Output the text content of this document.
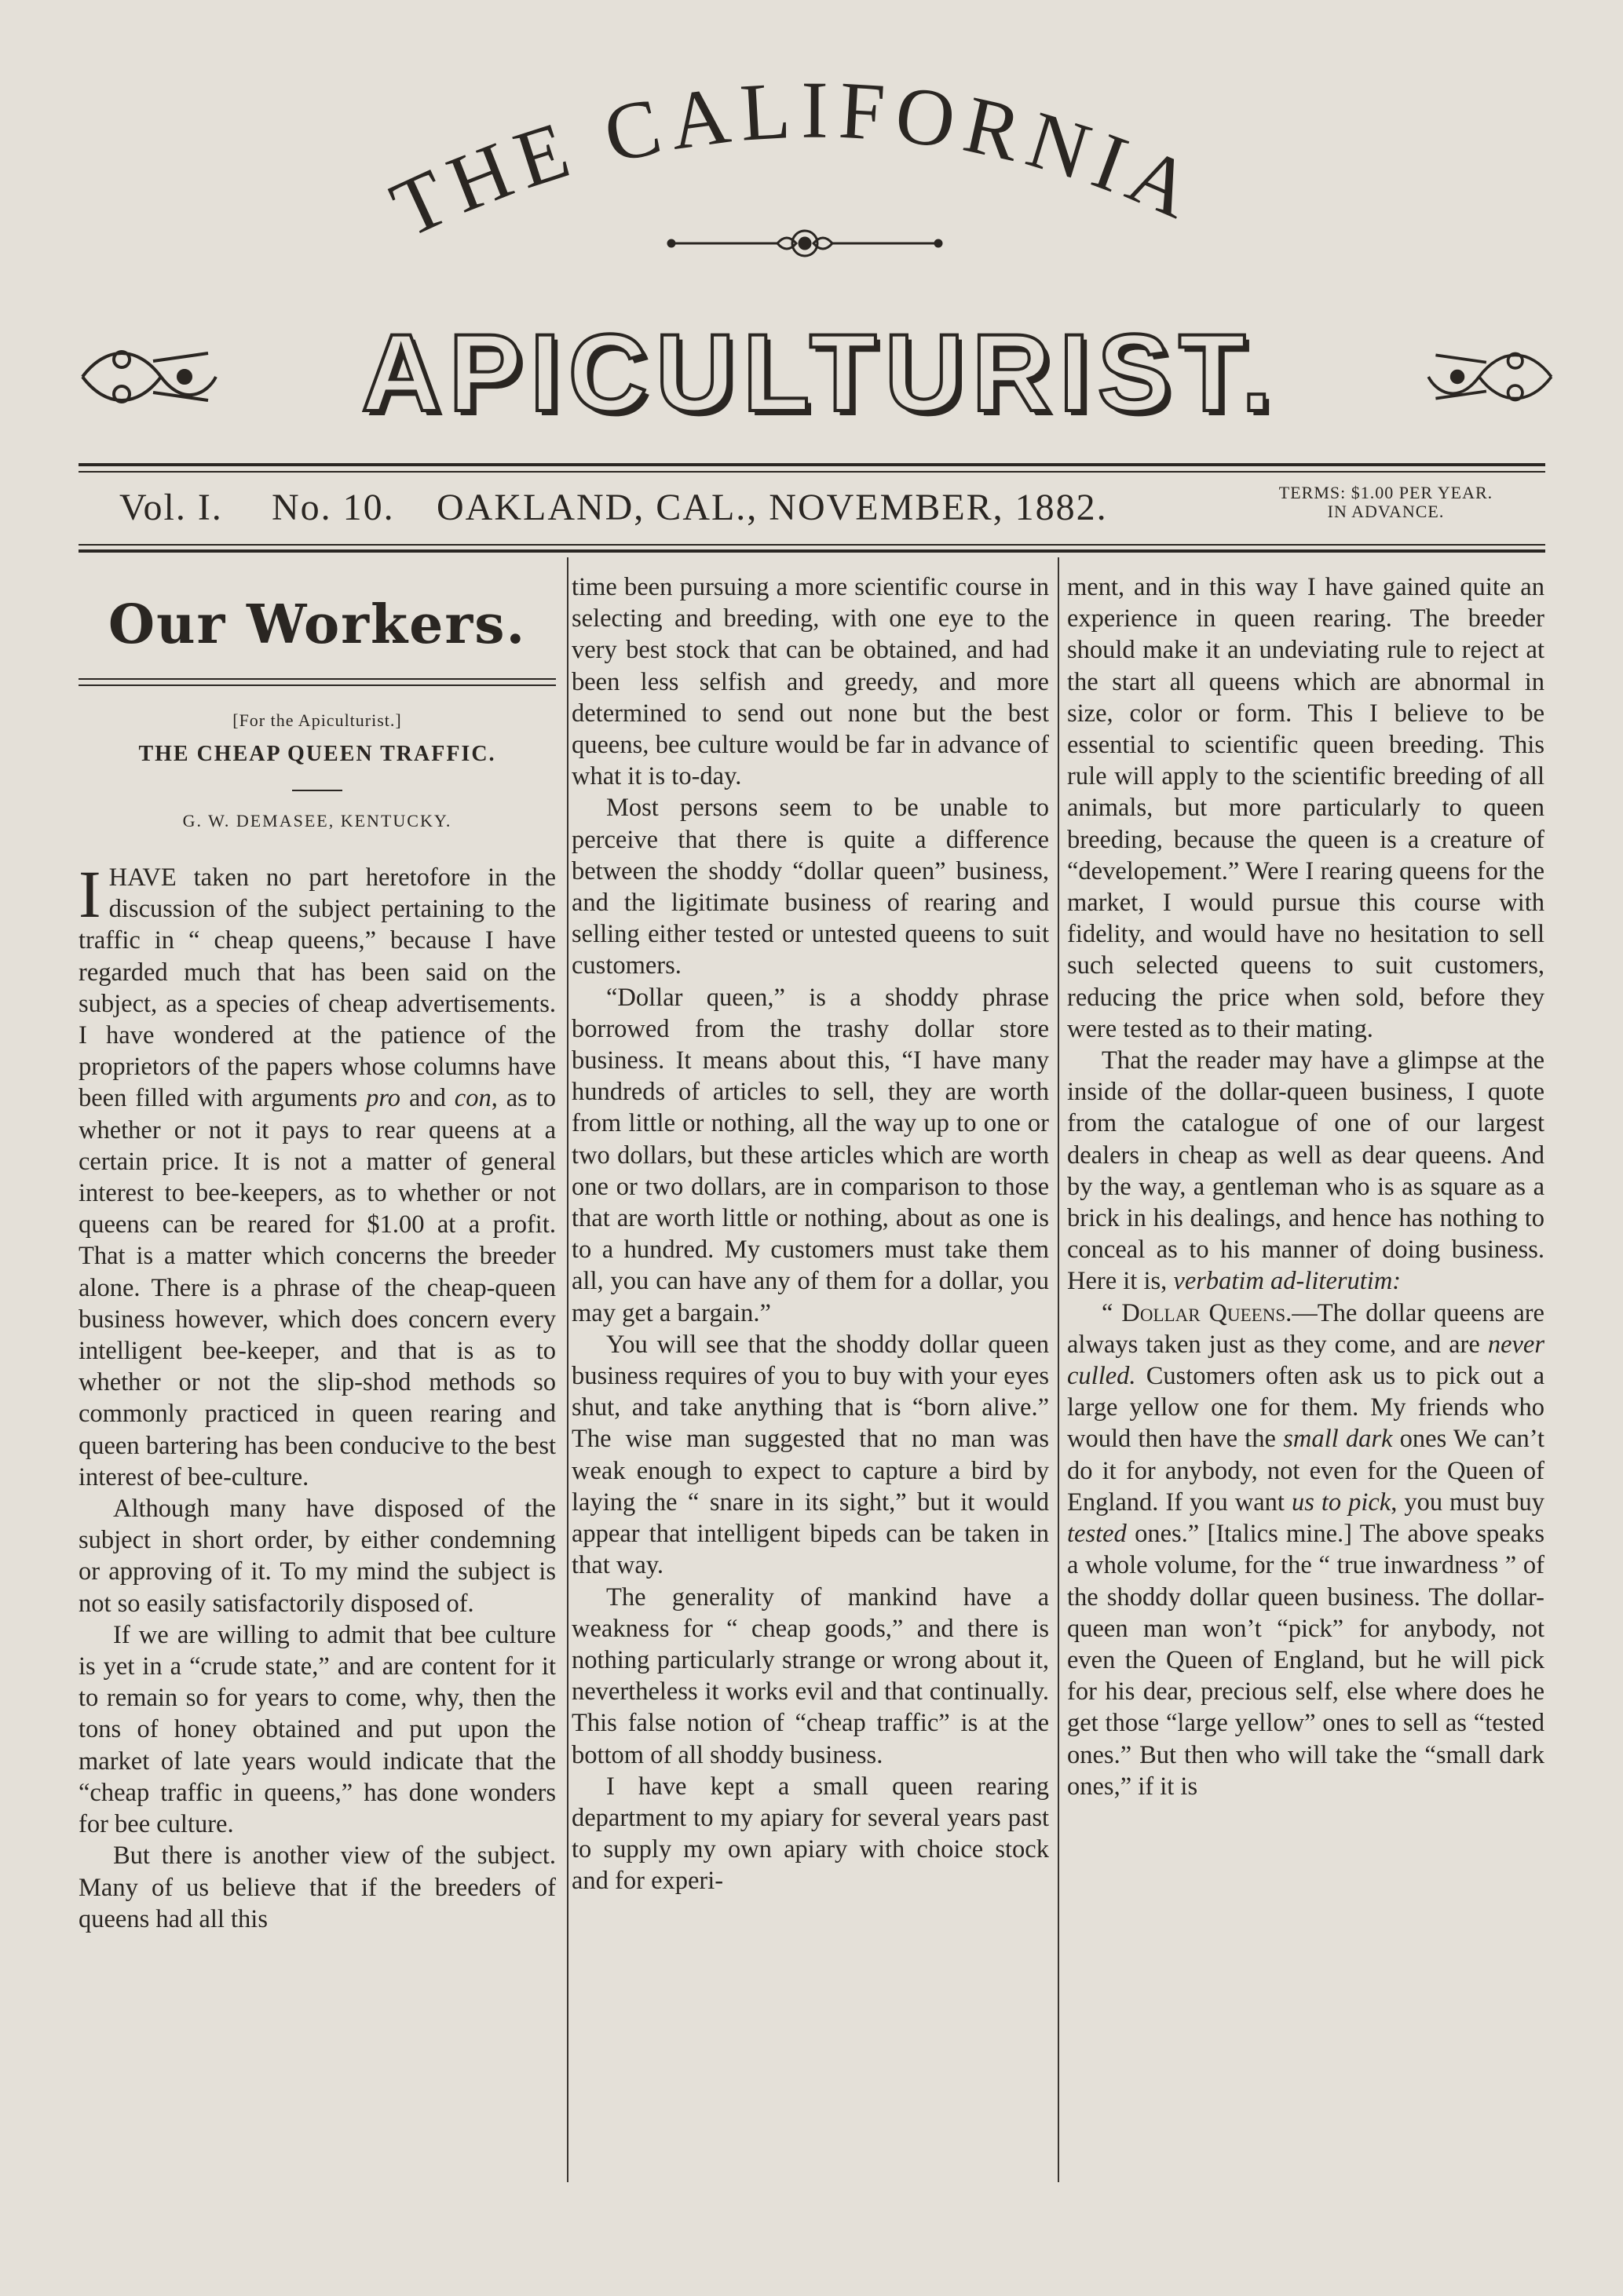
THE CALIFORNIA
APICULTURIST.
Vol. I. No. 10. OAKLAND, CAL., NOVEMBER, 1882.	TERMS: $1.00 PER YEAR.
IN ADVANCE.
Our Workers.
[For the Apiculturist.]
THE CHEAP QUEEN TRAFFIC.
G. W. DEMASEE, KENTUCKY.

I HAVE taken no part heretofore in the discussion of the subject pertaining to the traffic in “ cheap queens,” because I have regarded much that has been said on the subject, as a species of cheap advertisements. I have wondered at the patience of the proprietors of the papers whose columns have been filled with arguments pro and con, as to whether or not it pays to rear queens at a certain price. It is not a matter of general interest to bee-keepers, as to whether or not queens can be reared for $1.00 at a profit. That is a matter which concerns the breeder alone. There is a phrase of the cheap-queen business however, which does concern every intelligent bee-keeper, and that is as to whether or not the slip-shod methods so commonly practiced in queen rearing and queen bartering has been conducive to the best interest of bee-culture.

Although many have disposed of the subject in short order, by either condemning or approving of it. To my mind the subject is not so easily satisfactorily disposed of.

If we are willing to admit that bee culture is yet in a “crude state,” and are content for it to remain so for years to come, why, then the tons of honey obtained and put upon the market of late years would indicate that the “cheap traffic in queens,” has done wonders for bee culture.

But there is another view of the subject. Many of us believe that if the breeders of queens had all this

time been pursuing a more scientific course in selecting and breeding, with one eye to the very best stock that can be obtained, and had been less selfish and greedy, and more determined to send out none but the best queens, bee culture would be far in advance of what it is to-day.

Most persons seem to be unable to perceive that there is quite a difference between the shoddy “dollar queen” business, and the ligitimate business of rearing and selling either tested or untested queens to suit customers.

“Dollar queen,” is a shoddy phrase borrowed from the trashy dollar store business. It means about this, “I have many hundreds of articles to sell, they are worth from little or nothing, all the way up to one or two dollars, but these articles which are worth one or two dollars, are in comparison to those that are worth little or nothing, about as one is to a hundred. My customers must take them all, you can have any of them for a dollar, you may get a bargain.”

You will see that the shoddy dollar queen business requires of you to buy with your eyes shut, and take anything that is “born alive.” The wise man suggested that no man was weak enough to expect to capture a bird by laying the “ snare in its sight,” but it would appear that intelligent bipeds can be taken in that way.

The generality of mankind have a weakness for “ cheap goods,” and there is nothing particularly strange or wrong about it, nevertheless it works evil and that continually. This false notion of “cheap traffic” is at the bottom of all shoddy business.

I have kept a small queen rearing department to my apiary for several years past to supply my own apiary with choice stock and for experi-

ment, and in this way I have gained quite an experience in queen rearing. The breeder should make it an undeviating rule to reject at the start all queens which are abnormal in size, color or form. This I believe to be essential to scientific queen breeding. This rule will apply to the scientific breeding of all animals, but more particularly to queen breeding, because the queen is a creature of “developement.” Were I rearing queens for the market, I would pursue this course with fidelity, and would have no hesitation to sell such selected queens to suit customers, reducing the price when sold, before they were tested as to their mating.

That the reader may have a glimpse at the inside of the dollar-queen business, I quote from the catalogue of one of our largest dealers in cheap as well as dear queens. And by the way, a gentleman who is as square as a brick in his dealings, and hence has nothing to conceal as to his manner of doing business. Here it is, verbatim ad-literutim:

“ Dollar Queens.—The dollar queens are always taken just as they come, and are never culled. Customers often ask us to pick out a large yellow one for them. My friends who would then have the small dark ones We can’t do it for anybody, not even for the Queen of England. If you want us to pick, you must buy tested ones.” [Italics mine.] The above speaks a whole volume, for the “ true inwardness ” of the shoddy dollar queen business. The dollar-queen man won’t “pick” for anybody, not even the Queen of England, but he will pick for his dear, precious self, else where does he get those “large yellow” ones to sell as “tested ones.” But then who will take the “small dark ones,” if it is
